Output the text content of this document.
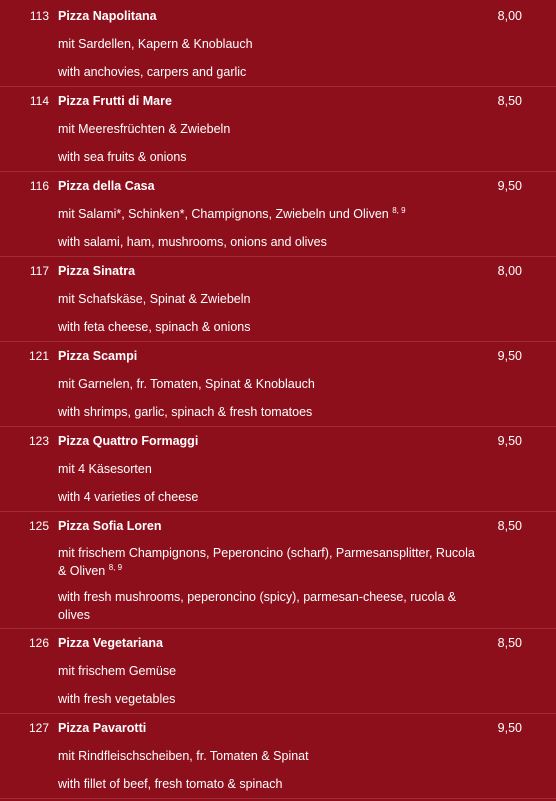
113 Pizza Napolitana	8,00
mit Sardellen, Kapern & Knoblauch
with anchovies, carpers and garlic
114 Pizza Frutti di Mare	8,50
mit Meeresfrüchten & Zwiebeln
with sea fruits & onions
116 Pizza della Casa	9,50
mit Salami*, Schinken*, Champignons, Zwiebeln und Oliven $^{8, 9}$
with salami, ham, mushrooms, onions and olives
117 Pizza Sinatra	8,00
mit Schafskäse, Spinat & Zwiebeln
with feta cheese, spinach & onions
121 Pizza Scampi	9,50
mit Garnelen, fr. Tomaten, Spinat & Knoblauch
with shrimps, garlic, spinach & fresh tomatoes
123 Pizza Quattro Formaggi	9,50
mit 4 Käsesorten
with 4 varieties of cheese
125 Pizza Sofia Loren	8,50
mit frischem Champignons, Peperoncino (scharf), Parmesansplitter, Rucola & Oliven $^{8, 9}$
with fresh mushrooms, peperoncino (spicy), parmesan-cheese, rucola & olives
126 Pizza Vegetariana	8,50
mit frischem Gemüse
with fresh vegetables
127 Pizza Pavarotti	9,50
mit Rindfleischscheiben, fr. Tomaten & Spinat
with fillet of beef, fresh tomato & spinach
